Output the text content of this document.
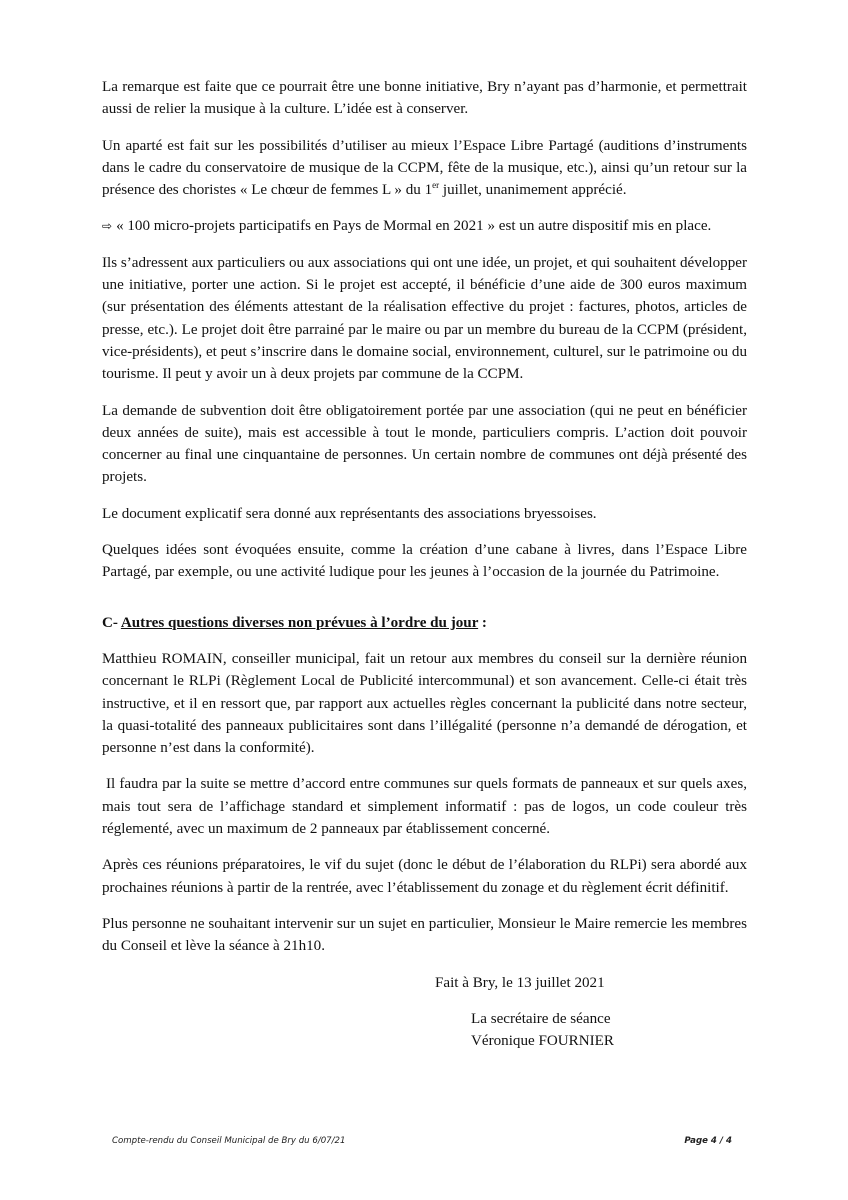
La remarque est faite que ce pourrait être une bonne initiative, Bry n’ayant pas d’harmonie, et permettrait aussi de relier la musique à la culture. L’idée est à conserver.

Un aparté est fait sur les possibilités d’utiliser au mieux l’Espace Libre Partagé (auditions d’instruments dans le cadre du conservatoire de musique de la CCPM, fête de la musique, etc.), ainsi qu’un retour sur la présence des choristes « Le chœur de femmes L » du 1er juillet, unanimement apprécié.

⇨ « 100 micro-projets participatifs en Pays de Mormal en 2021 » est un autre dispositif mis en place.

Ils s’adressent aux particuliers ou aux associations qui ont une idée, un projet, et qui souhaitent développer une initiative, porter une action. Si le projet est accepté, il bénéficie d’une aide de 300 euros maximum (sur présentation des éléments attestant de la réalisation effective du projet : factures, photos, articles de presse, etc.). Le projet doit être parrainé par le maire ou par un membre du bureau de la CCPM (président, vice-présidents), et peut s’inscrire dans le domaine social, environnement, culturel, sur le patrimoine ou du tourisme. Il peut y avoir un à deux projets par commune de la CCPM.

La demande de subvention doit être obligatoirement portée par une association (qui ne peut en bénéficier deux années de suite), mais est accessible à tout le monde, particuliers compris. L’action doit pouvoir concerner au final une cinquantaine de personnes. Un certain nombre de communes ont déjà présenté des projets.

Le document explicatif sera donné aux représentants des associations bryessoises.

Quelques idées sont évoquées ensuite, comme la création d’une cabane à livres, dans l’Espace Libre Partagé, par exemple, ou une activité ludique pour les jeunes à l’occasion de la journée du Patrimoine.

C- Autres questions diverses non prévues à l’ordre du jour :

Matthieu ROMAIN, conseiller municipal, fait un retour aux membres du conseil sur la dernière réunion concernant le RLPi (Règlement Local de Publicité intercommunal) et son avancement. Celle-ci était très instructive, et il en ressort que, par rapport aux actuelles règles concernant la publicité dans notre secteur, la quasi-totalité des panneaux publicitaires sont dans l’illégalité (personne n’a demandé de dérogation, et personne n’est dans la conformité).

Il faudra par la suite se mettre d’accord entre communes sur quels formats de panneaux et sur quels axes, mais tout sera de l’affichage standard et simplement informatif : pas de logos, un code couleur très réglementé, avec un maximum de 2 panneaux par établissement concerné.

Après ces réunions préparatoires, le vif du sujet (donc le début de l’élaboration du RLPi) sera abordé aux prochaines réunions à partir de la rentrée, avec l’établissement du zonage et du règlement écrit définitif.

Plus personne ne souhaitant intervenir sur un sujet en particulier, Monsieur le Maire remercie les membres du Conseil et lève la séance à 21h10.

Fait à Bry, le 13 juillet 2021
La secrétaire de séance
Véronique FOURNIER
Compte-rendu du Conseil Municipal de Bry du 6/07/21	Page 4 / 4
